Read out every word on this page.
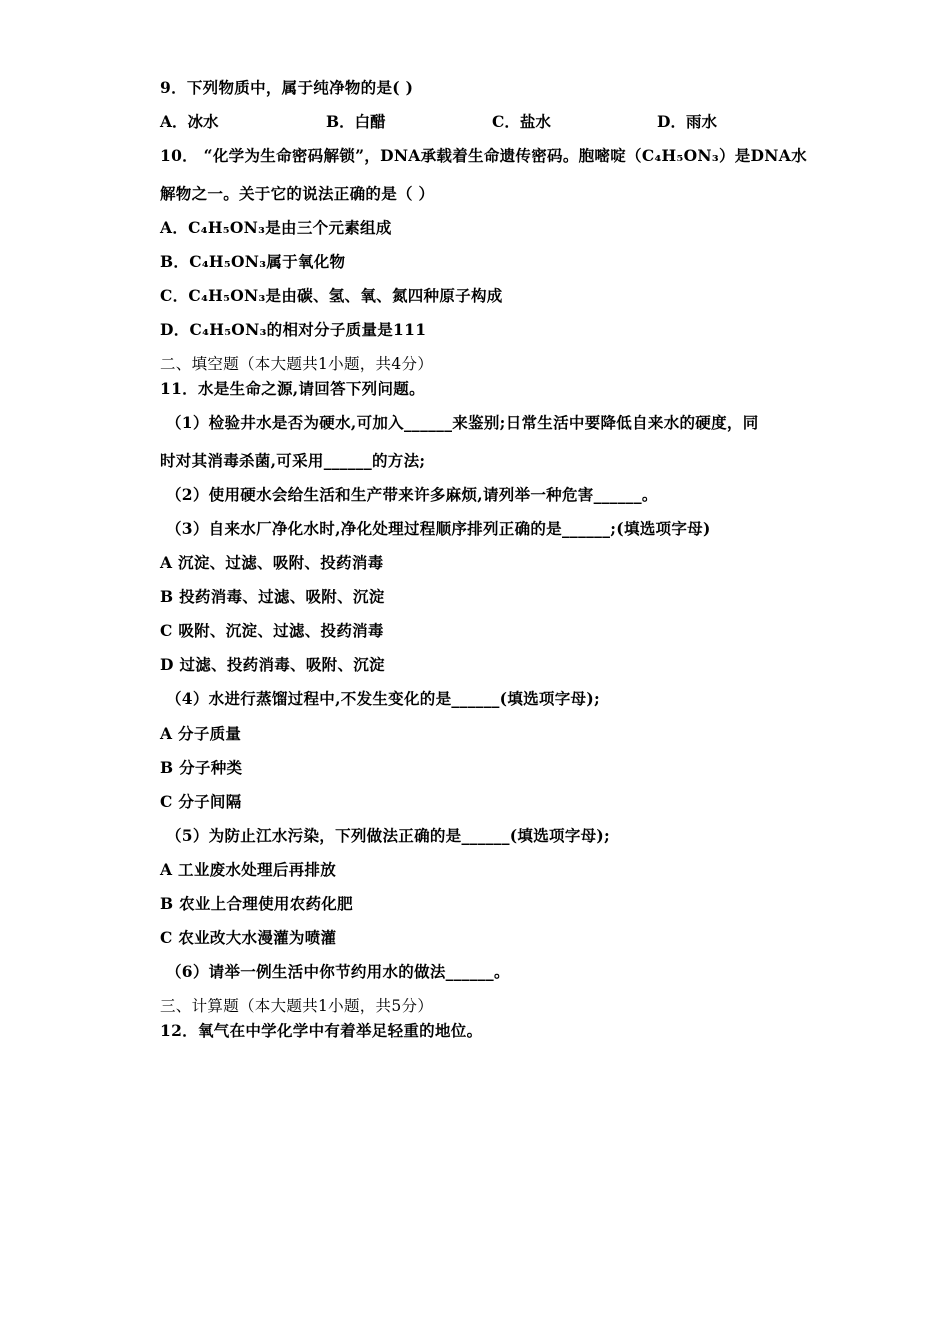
9．下列物质中，属于纯净物的是( )
A．冰水	B．白醋	C．盐水	D．雨水
10． “化学为生命密码解锁”，DNA承载着生命遗传密码。胞嘧啶（C₄H₅ON₃）是DNA水
解物之一。关于它的说法正确的是（ ）
A．C₄H₅ON₃是由三个元素组成
B．C₄H₅ON₃属于氧化物
C．C₄H₅ON₃是由碳、氢、氧、氮四种原子构成
D．C₄H₅ON₃的相对分子质量是111
二、填空题（本大题共1小题，共4分）
11．水是生命之源,请回答下列问题。
（1）检验井水是否为硬水,可加入______来鉴别;日常生活中要降低自来水的硬度，同
时对其消毒杀菌,可采用______的方法;
（2）使用硬水会给生活和生产带来许多麻烦,请列举一种危害______。
（3）自来水厂净化水时,净化处理过程顺序排列正确的是______;(填选项字母)
A 沉淀、过滤、吸附、投药消毒
B 投药消毒、过滤、吸附、沉淀
C 吸附、沉淀、过滤、投药消毒
D 过滤、投药消毒、吸附、沉淀
（4）水进行蒸馏过程中,不发生变化的是______(填选项字母);
A 分子质量
B 分子种类
C 分子间隔
（5）为防止江水污染，下列做法正确的是______(填选项字母);
A 工业废水处理后再排放
B 农业上合理使用农药化肥
C 农业改大水漫灌为喷灌
（6）请举一例生活中你节约用水的做法______。
三、计算题（本大题共1小题，共5分）
12．氧气在中学化学中有着举足轻重的地位。
